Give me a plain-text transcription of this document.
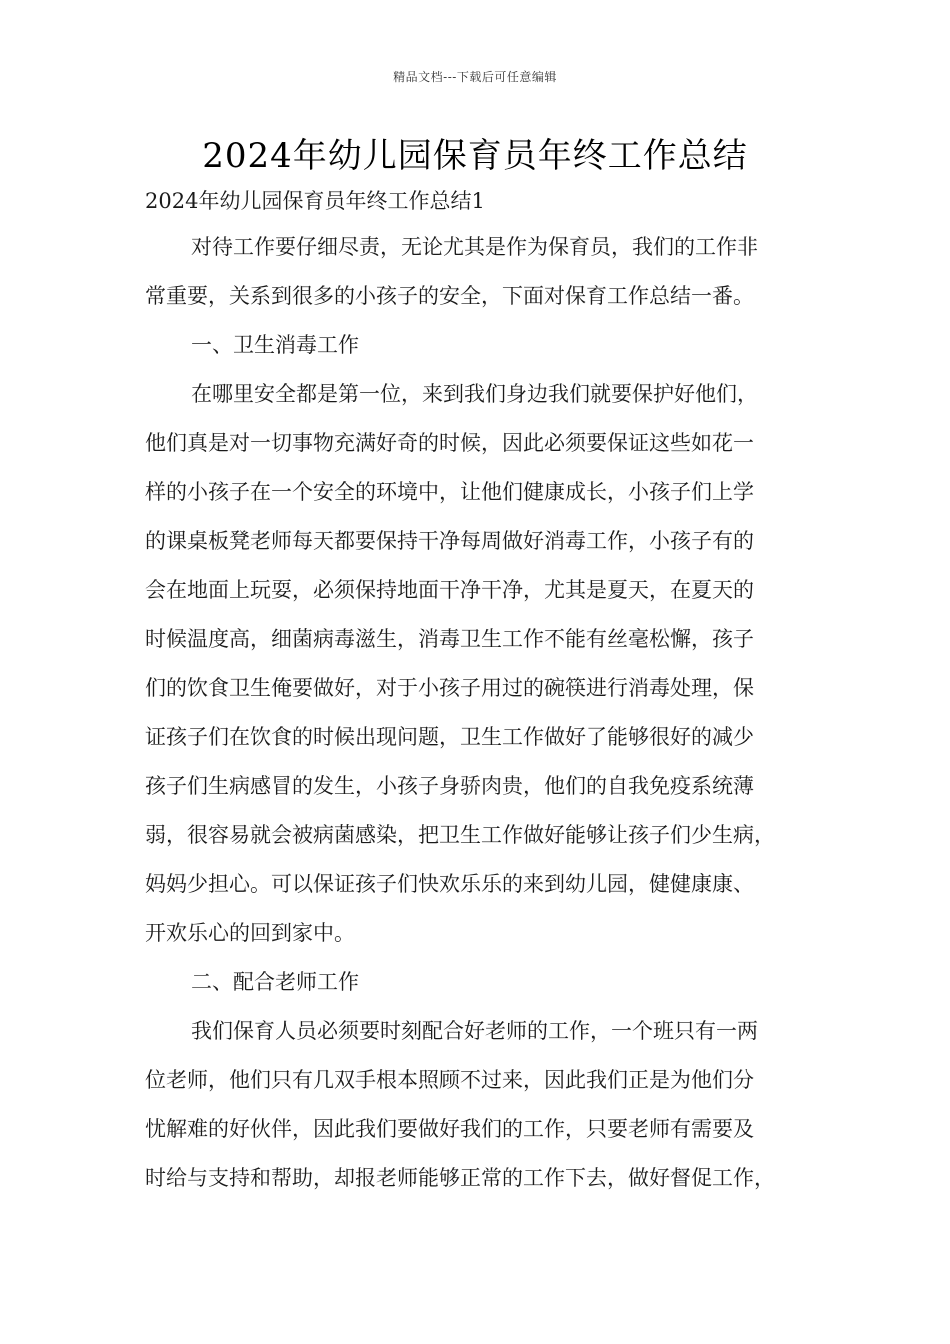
精品文档---下载后可任意编辑
2024年幼儿园保育员年终工作总结
2024年幼儿园保育员年终工作总结1
对待工作要仔细尽责，无论尤其是作为保育员，我们的工作非
常重要，关系到很多的小孩子的安全，下面对保育工作总结一番。
一、卫生消毒工作
在哪里安全都是第一位，来到我们身边我们就要保护好他们，
他们真是对一切事物充满好奇的时候，因此必须要保证这些如花一
样的小孩子在一个安全的环境中，让他们健康成长，小孩子们上学
的课桌板凳老师每天都要保持干净每周做好消毒工作，小孩子有的
会在地面上玩耍，必须保持地面干净干净，尤其是夏天，在夏天的
时候温度高，细菌病毒滋生，消毒卫生工作不能有丝毫松懈，孩子
们的饮食卫生俺要做好，对于小孩子用过的碗筷进行消毒处理，保
证孩子们在饮食的时候出现问题，卫生工作做好了能够很好的减少
孩子们生病感冒的发生，小孩子身骄肉贵，他们的自我免疫系统薄
弱，很容易就会被病菌感染，把卫生工作做好能够让孩子们少生病，
妈妈少担心。可以保证孩子们快欢乐乐的来到幼儿园，健健康康、
开欢乐心的回到家中。
二、配合老师工作
我们保育人员必须要时刻配合好老师的工作，一个班只有一两
位老师，他们只有几双手根本照顾不过来，因此我们正是为他们分
忧解难的好伙伴，因此我们要做好我们的工作，只要老师有需要及
时给与支持和帮助，却报老师能够正常的工作下去，做好督促工作，
